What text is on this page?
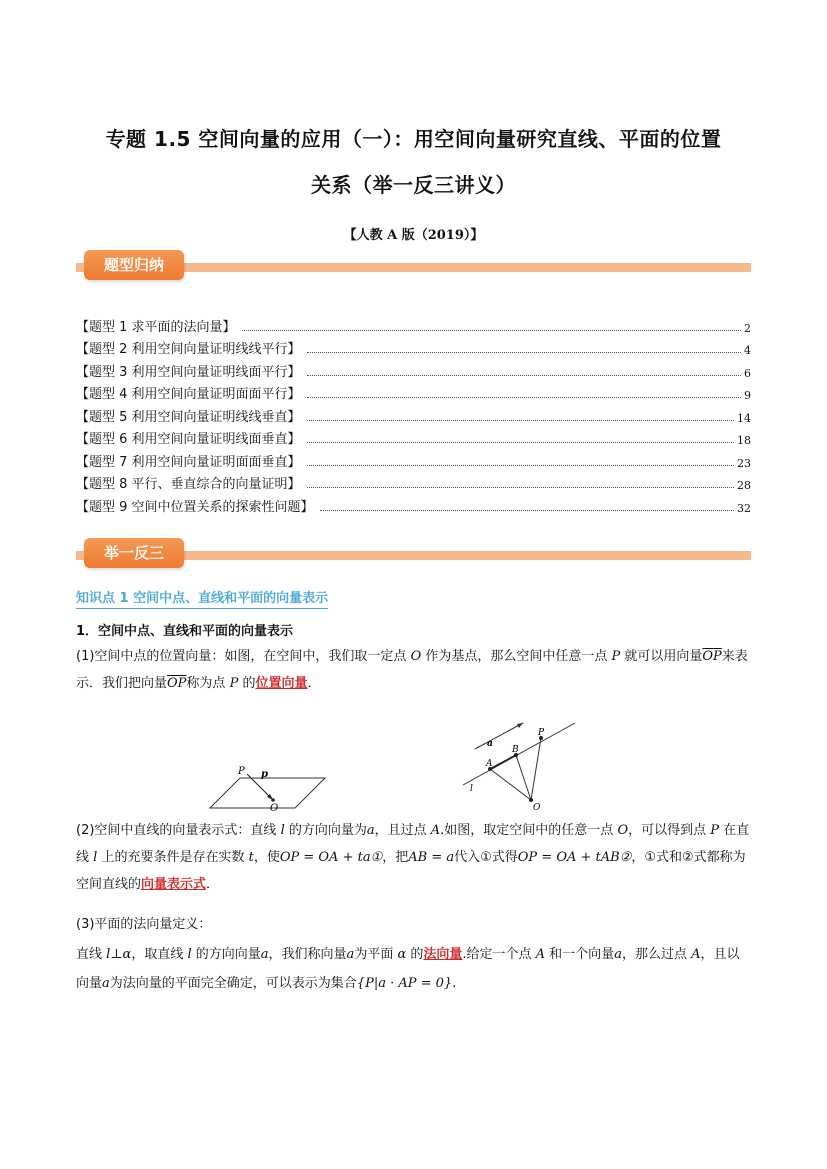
专题 1.5 空间向量的应用（一）：用空间向量研究直线、平面的位置
关系（举一反三讲义）
【人教 A 版（2019）】
题型归纳
【题型 1 求平面的法向量】	2
【题型 2 利用空间向量证明线线平行】	4
【题型 3 利用空间向量证明线面平行】	6
【题型 4 利用空间向量证明面面平行】	9
【题型 5 利用空间向量证明线线垂直】	14
【题型 6 利用空间向量证明线面垂直】	18
【题型 7 利用空间向量证明面面垂直】	23
【题型 8 平行、垂直综合的向量证明】	28
【题型 9 空间中位置关系的探索性问题】	32
举一反三
知识点 1 空间中点、直线和平面的向量表示
1．空间中点、直线和平面的向量表示
(1)空间中点的位置向量：如图，在空间中，我们取一定点 O 作为基点，那么空间中任意一点 P 就可以用向量$\overline{OP}$来表示．我们把向量$\overline{OP}$称为点 P 的位置向量．
P p
O
a
A
B
P
l
O
(2)空间中直线的向量表示式：直线 l 的方向向量为a，且过点 A.如图，取定空间中的任意一点 O，可以得到点 P 在直线 l 上的充要条件是存在实数 t，使OP = OA + ta①，把AB = a代入①式得OP = OA + tAB②，①式和②式都称为空间直线的向量表示式．
(3)平面的法向量定义：
直线 l⊥α，取直线 l 的方向向量a，我们称向量a为平面 α 的法向量.给定一个点 A 和一个向量a，那么过点 A，且以向量a为法向量的平面完全确定，可以表示为集合{P|a · AP = 0}.
